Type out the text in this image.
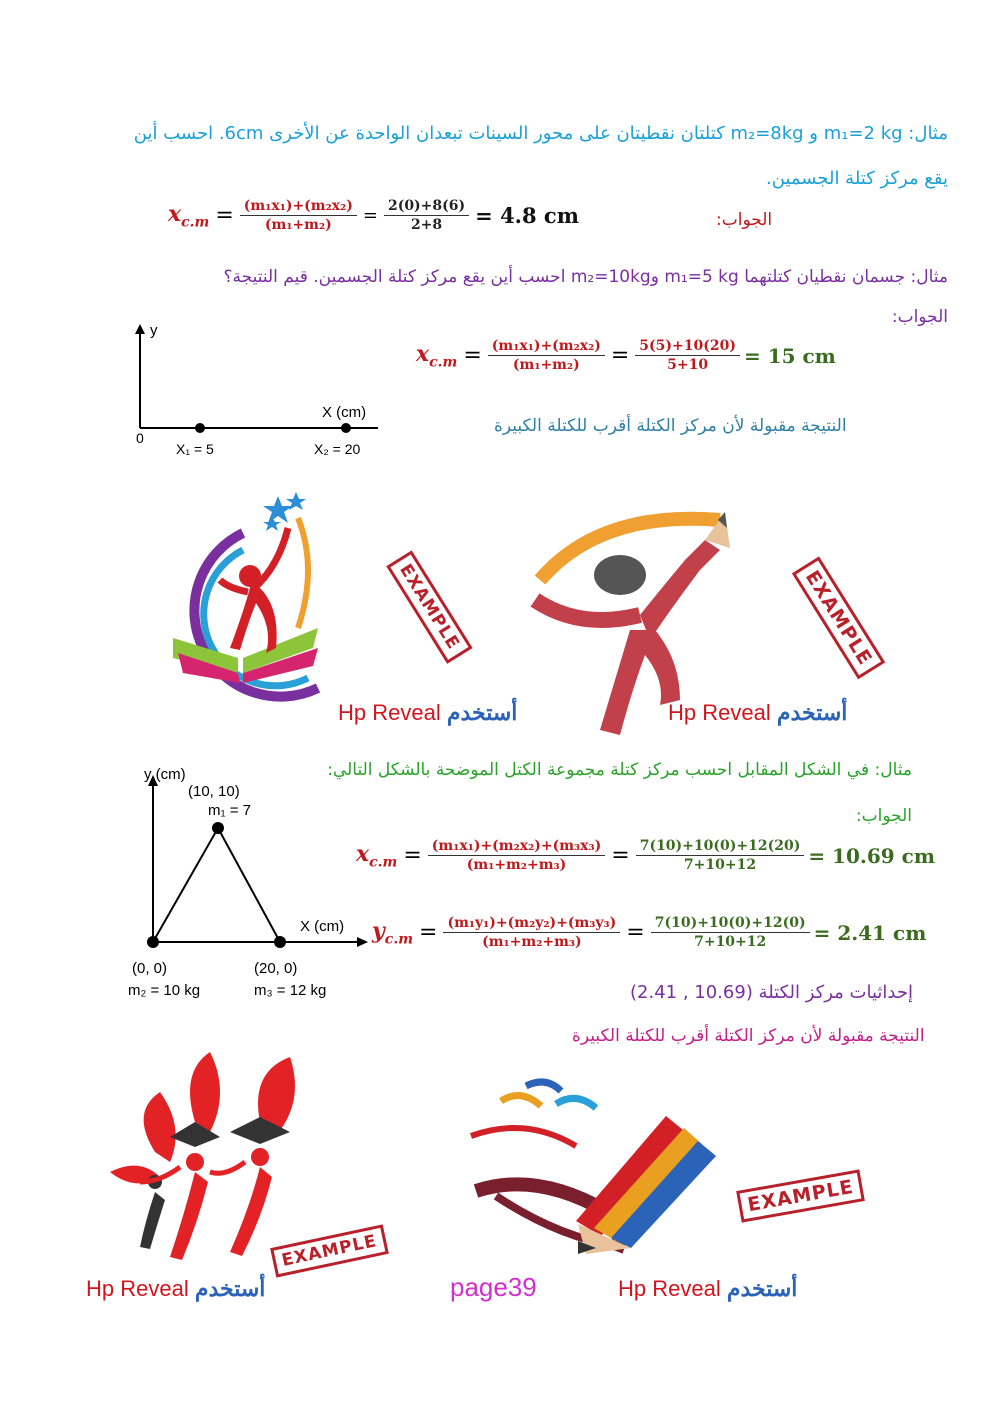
مثال: m₁=2 kg و m₂=8kg كتلتان نقطيتان على محور السينات تبعدان الواحدة عن الأخرى 6cm. احسب أين
يقع مركز كتلة الجسمين.
الجواب:
$x_{c.m} = \frac{\text{(m₁x₁)+(m₂x₂)}}{\text{(m₁+m₂)}} = \frac{2(0)+8(6)}{2+8} = 4.8$ cm
مثال: جسمان نقطيان كتلتهما m₁=5 kg وm₂=10kg احسب أين يقع مركز كتلة الجسمين. قيم النتيجة؟
الجواب:
$x_{c.m} = \frac{\text{(m₁x₁)+(m₂x₂)}}{\text{(m₁+m₂)}} = \frac{5(5)+10(20)}{5+10} = 15$ cm
النتيجة مقبولة لأن مركز الكتلة أقرب للكتلة الكبيرة
y
X (cm)
0
X₁ = 5	X₂ = 20
EXAMPLE
Hp Reveal أستخدم
EXAMPLE
Hp Reveal أستخدم
مثال: في الشكل المقابل احسب مركز كتلة مجموعة الكتل الموضحة بالشكل التالي:
الجواب:
$x_{c.m} = \frac{\text{(m₁x₁)+(m₂x₂)+(m₃x₃)}}{\text{(m₁+m₂+m₃)}} = \frac{7(10)+10(0)+12(20)}{7+10+12} = 10.69$ cm
$y_{c.m} = \frac{\text{(m₁y₁)+(m₂y₂)+(m₃y₃)}}{\text{(m₁+m₂+m₃)}} = \frac{7(10)+10(0)+12(0)}{7+10+12} = 2.41$ cm
إحداثيات مركز الكتلة (10.69 , 2.41)
النتيجة مقبولة لأن مركز الكتلة أقرب للكتلة الكبيرة
y (cm)
(10, 10)
m₁ = 7
X (cm)
(0, 0)
m₂ = 10 kg
(20, 0)
m₃ = 12 kg
EXAMPLE
Hp Reveal أستخدم	page39
EXAMPLE
Hp Reveal أستخدم
